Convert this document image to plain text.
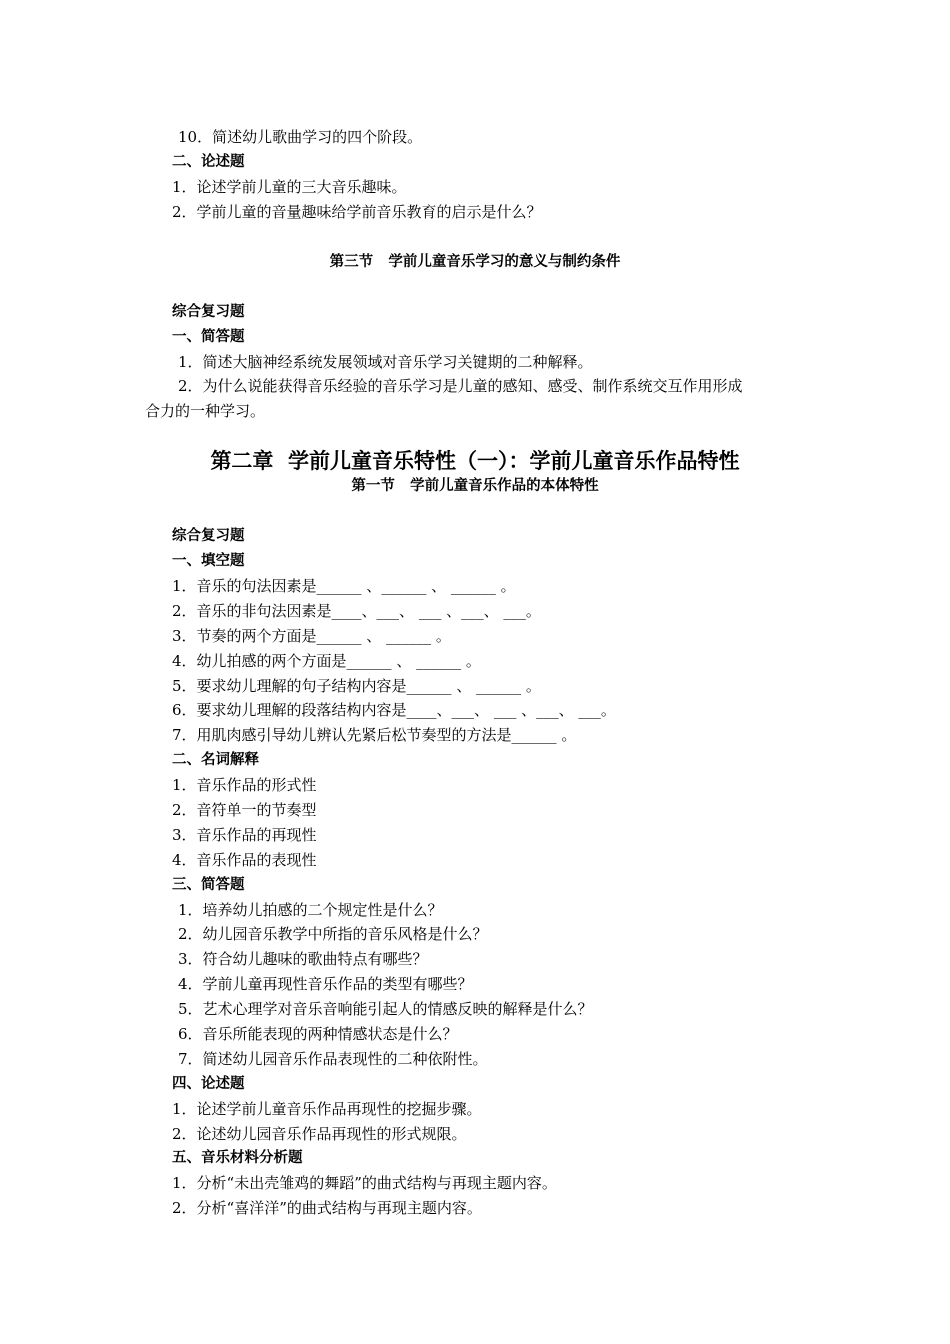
10．简述幼儿歌曲学习的四个阶段。
二、论述题
1．论述学前儿童的三大音乐趣味。
2．学前儿童的音量趣味给学前音乐教育的启示是什么？
第三节   学前儿童音乐学习的意义与制约条件
综合复习题
一、简答题
1．简述大脑神经系统发展领域对音乐学习关键期的二种解释。
2．为什么说能获得音乐经验的音乐学习是儿童的感知、感受、制作系统交互作用形成
合力的一种学习。
第二章  学前儿童音乐特性（一）：学前儿童音乐作品特性
第一节   学前儿童音乐作品的本体特性
综合复习题
一、填空题
1．音乐的句法因素是______ 、______ 、 ______ 。
2．音乐的非句法因素是____、___、 ___ 、___、 ___。
3．节奏的两个方面是______ 、 ______ 。
4．幼儿拍感的两个方面是______ 、 ______ 。
5．要求幼儿理解的句子结构内容是______ 、 ______ 。
6．要求幼儿理解的段落结构内容是____、___、 ___ 、___、 ___。
7．用肌肉感引导幼儿辨认先紧后松节奏型的方法是______ 。
二、名词解释
1．音乐作品的形式性
2．音符单一的节奏型
3．音乐作品的再现性
4．音乐作品的表现性
三、简答题
1．培养幼儿拍感的二个规定性是什么？
2．幼儿园音乐教学中所指的音乐风格是什么？
3．符合幼儿趣味的歌曲特点有哪些？
4．学前儿童再现性音乐作品的类型有哪些？
5．艺术心理学对音乐音响能引起人的情感反映的解释是什么？
6．音乐所能表现的两种情感状态是什么？
7．简述幼儿园音乐作品表现性的二种依附性。
四、论述题
1．论述学前儿童音乐作品再现性的挖掘步骤。
2．论述幼儿园音乐作品再现性的形式规限。
五、音乐材料分析题
1．分析“未出壳雏鸡的舞蹈”的曲式结构与再现主题内容。
2．分析“喜洋洋”的曲式结构与再现主题内容。
